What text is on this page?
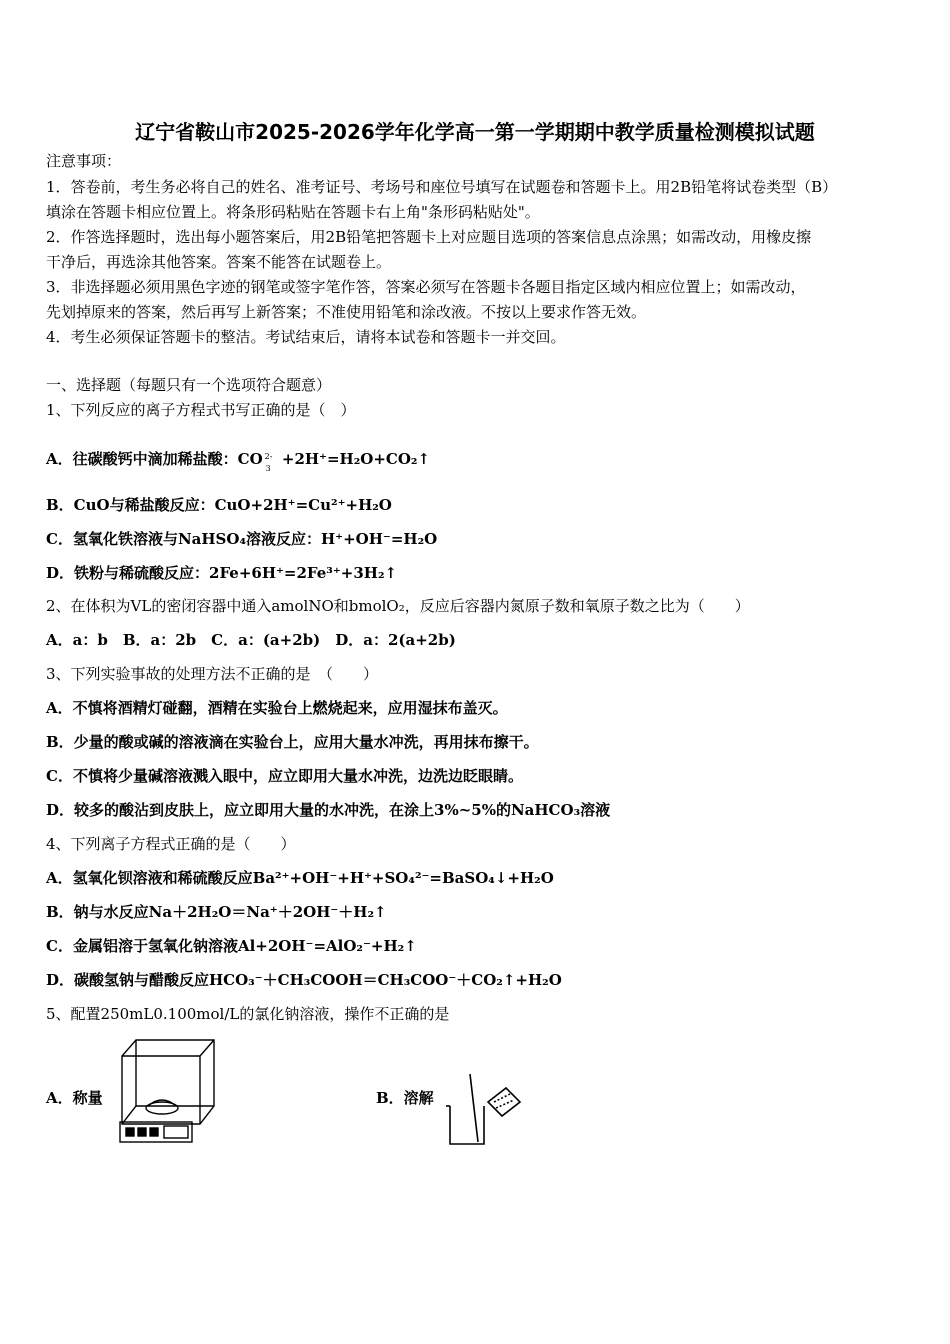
辽宁省鞍山市2025-2026学年化学高一第一学期期中教学质量检测模拟试题
注意事项：
1．答卷前，考生务必将自己的姓名、准考证号、考场号和座位号填写在试题卷和答题卡上。用2B铅笔将试卷类型（B）
填涂在答题卡相应位置上。将条形码粘贴在答题卡右上角"条形码粘贴处"。
2．作答选择题时，选出每小题答案后，用2B铅笔把答题卡上对应题目选项的答案信息点涂黑；如需改动，用橡皮擦
干净后，再选涂其他答案。答案不能答在试题卷上。
3．非选择题必须用黑色字迹的钢笔或签字笔作答，答案必须写在答题卡各题目指定区域内相应位置上；如需改动，
先划掉原来的答案，然后再写上新答案；不准使用铅笔和涂改液。不按以上要求作答无效。
4．考生必须保证答题卡的整洁。考试结束后，请将本试卷和答题卡一并交回。
一、选择题（每题只有一个选项符合题意）
1、下列反应的离子方程式书写正确的是（　）
A．往碳酸钙中滴加稀盐酸：CO 2-
3
+2H⁺=H₂O+CO₂↑
B．CuO与稀盐酸反应：CuO+2H⁺=Cu²⁺+H₂O
C．氢氧化铁溶液与NaHSO₄溶液反应：H⁺+OH⁻=H₂O
D．铁粉与稀硫酸反应：2Fe+6H⁺=2Fe³⁺+3H₂↑
2、在体积为VL的密闭容器中通入amolNO和bmolO₂，反应后容器内氮原子数和氧原子数之比为（　　）
A．a：b　B．a：2b　C．a：(a+2b)　D．a：2(a+2b)
3、下列实验事故的处理方法不正确的是　（　　）
A．不慎将酒精灯碰翻，酒精在实验台上燃烧起来，应用湿抹布盖灭。
B．少量的酸或碱的溶液滴在实验台上，应用大量水冲洗，再用抹布擦干。
C．不慎将少量碱溶液溅入眼中，应立即用大量水冲洗，边洗边眨眼睛。
D．较多的酸沾到皮肤上，应立即用大量的水冲洗，在涂上3%~5%的NaHCO₃溶液
4、下列离子方程式正确的是（　　）
A．氢氧化钡溶液和稀硫酸反应Ba²⁺+OH⁻+H⁺+SO₄²⁻=BaSO₄↓+H₂O
B．钠与水反应Na＋2H₂O＝Na⁺＋2OH⁻＋H₂↑
C．金属铝溶于氢氧化钠溶液Al+2OH⁻=AlO₂⁻+H₂↑
D．碳酸氢钠与醋酸反应HCO₃⁻＋CH₃COOH＝CH₃COO⁻＋CO₂↑+H₂O
5、配置250mL0.100mol/L的氯化钠溶液，操作不正确的是
A．称量	B．溶解
